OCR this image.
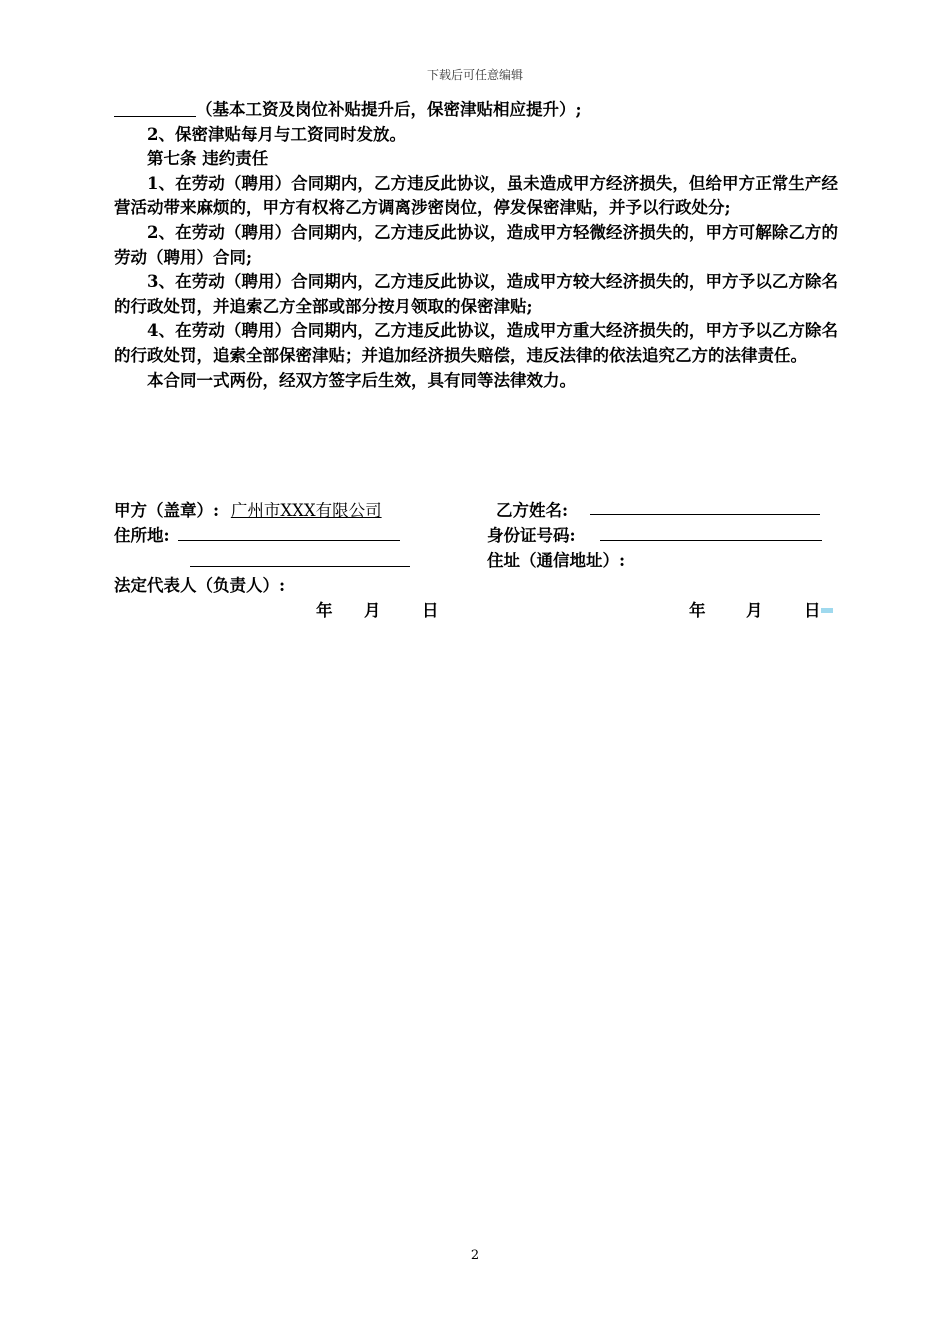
下载后可任意编辑

（基本工资及岗位补贴提升后，保密津贴相应提升）;

2、保密津贴每月与工资同时发放。

第七条 违约责任

1、在劳动（聘用）合同期内，乙方违反此协议，虽未造成甲方经济损失，但给甲方正常生产经营活动带来麻烦的，甲方有权将乙方调离涉密岗位，停发保密津贴，并予以行政处分;

2、在劳动（聘用）合同期内，乙方违反此协议，造成甲方轻微经济损失的，甲方可解除乙方的劳动（聘用）合同;

3、在劳动（聘用）合同期内，乙方违反此协议，造成甲方较大经济损失的，甲方予以乙方除名的行政处罚，并追索乙方全部或部分按月领取的保密津贴;

4、在劳动（聘用）合同期内，乙方违反此协议，造成甲方重大经济损失的，甲方予以乙方除名的行政处罚，追索全部保密津贴；并追加经济损失赔偿，违反法律的依法追究乙方的法律责任。

本合同一式两份，经双方签字后生效，具有同等法律效力。

甲方（盖章）: 广州市XXX有限公司	乙方姓名:
住所地:	身份证号码:
住址（通信地址）:
法定代表人（负责人）:
年 月	日	年 月	日
2
